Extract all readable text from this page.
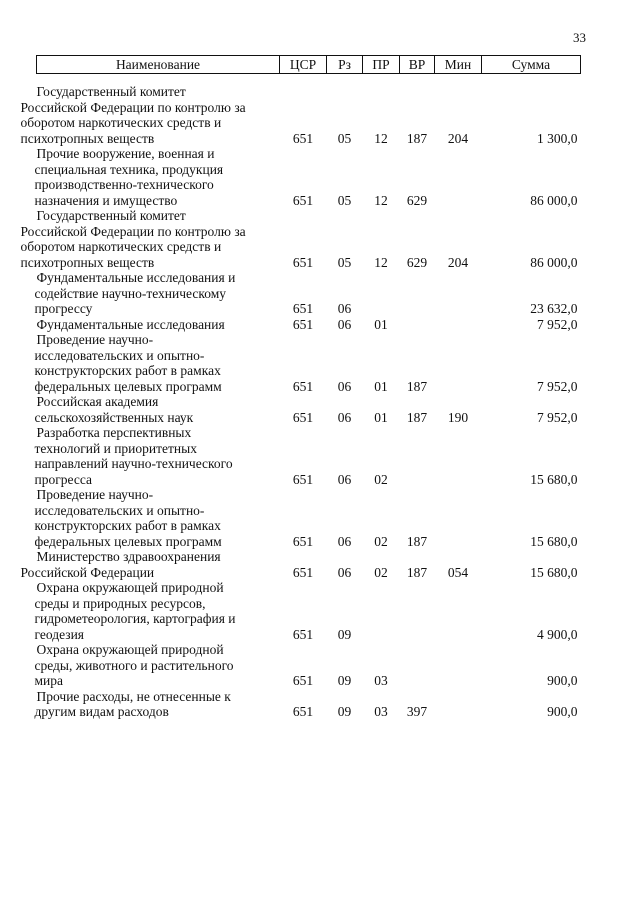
33
Наименование	ЦСР	Рз	ПР	ВР	Мин	Сумма

Государственный комитет
Российской Федерации по контролю за
оборотом наркотических средств и
психотропных веществ	651	05	12	187	204	1 300,0

Прочие вооружение, военная и
специальная техника, продукция
производственно-технического
назначения и имущество	651	05	12	629		86 000,0

Государственный комитет
Российской Федерации по контролю за
оборотом наркотических средств и
психотропных веществ	651	05	12	629	204	86 000,0

Фундаментальные исследования и
содействие научно-техническому
прогрессу	651	06				23 632,0

Фундаментальные исследования	651	06	01			7 952,0

Проведение научно-
исследовательских и опытно-
конструкторских работ в рамках
федеральных целевых программ	651	06	01	187		7 952,0

Российская академия
сельскохозяйственных наук	651	06	01	187	190	7 952,0

Разработка перспективных
технологий и приоритетных
направлений научно-технического
прогресса	651	06	02			15 680,0

Проведение научно-
исследовательских и опытно-
конструкторских работ в рамках
федеральных целевых программ	651	06	02	187		15 680,0

Министерство здравоохранения
Российской Федерации	651	06	02	187	054	15 680,0

Охрана окружающей природной
среды и природных ресурсов,
гидрометеорология, картография и
геодезия	651	09				4 900,0

Охрана окружающей природной
среды, животного и растительного
мира	651	09	03			900,0

Прочие расходы, не отнесенные к
другим видам расходов	651	09	03	397		900,0
